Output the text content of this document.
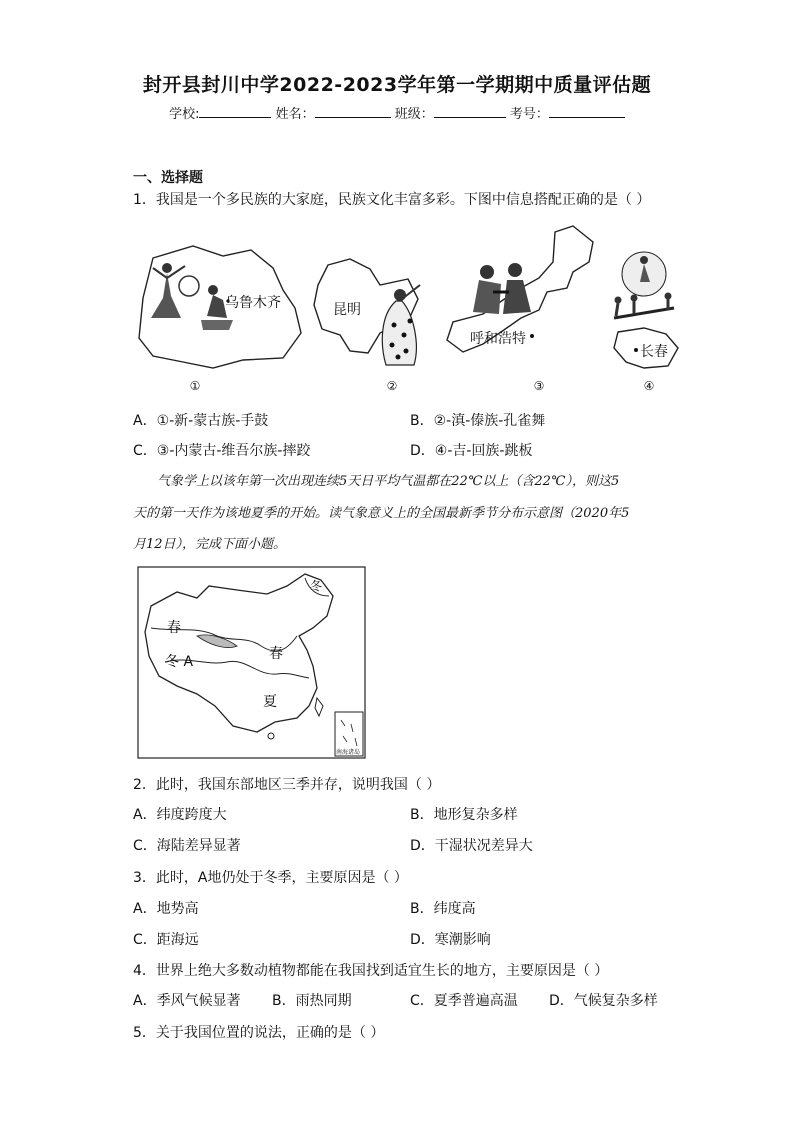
封开县封川中学2022-2023学年第一学期期中质量评估题
学校:	姓名：	班级：	考号：
一、选择题
1．我国是一个多民族的大家庭，民族文化丰富多彩。下图中信息搭配正确的是（ ）
乌鲁木齐	昆明
呼和浩特
长春
①	②	③	④
A．①-新-蒙古族-手鼓	B．②-滇-傣族-孔雀舞
C．③-内蒙古-维吾尔族-摔跤	D．④-吉-回族-跳板
气象学上以该年第一次出现连续5天日平均气温都在22℃以上（含22℃），则这5
天的第一天作为该地夏季的开始。读气象意义上的全国最新季节分布示意图（2020年5
月12日），完成下面小题。
冬
春
冬 A	春
夏
南海诸岛
2．此时，我国东部地区三季并存，说明我国（ ）
A．纬度跨度大	B．地形复杂多样
C．海陆差异显著	D．干湿状况差异大
3．此时，A地仍处于冬季，主要原因是（ ）
A．地势高	B．纬度高
C．距海远	D．寒潮影响
4．世界上绝大多数动植物都能在我国找到适宜生长的地方，主要原因是（ ）
A．季风气候显著 B．雨热同期	C．夏季普遍高温 D．气候复杂多样
5．关于我国位置的说法，正确的是（ ）
